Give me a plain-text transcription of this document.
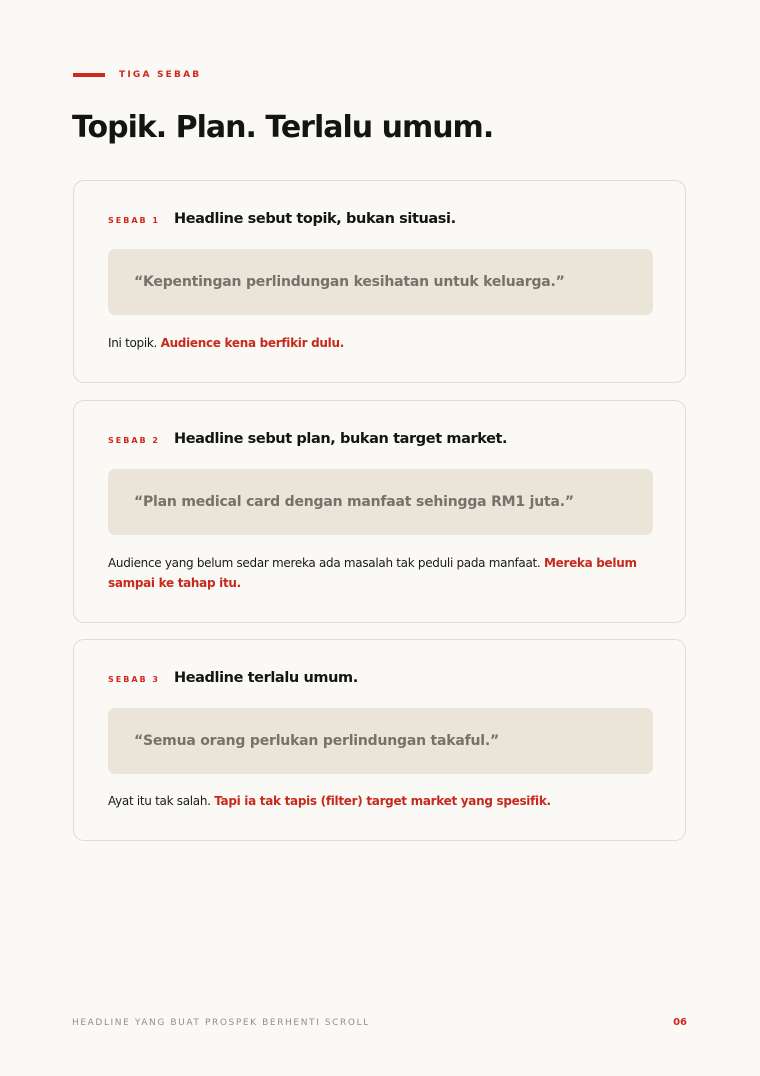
TIGA SEBAB
Topik. Plan. Terlalu umum.
SEBAB 1 Headline sebut topik, bukan situasi.
“Kepentingan perlindungan kesihatan untuk keluarga.”

Ini topik. Audience kena berfikir dulu.

SEBAB 2 Headline sebut plan, bukan target market.
“Plan medical card dengan manfaat sehingga RM1 juta.”

Audience yang belum sedar mereka ada masalah tak peduli pada manfaat. Mereka belum sampai ke tahap itu.

SEBAB 3 Headline terlalu umum.
“Semua orang perlukan perlindungan takaful.”

Ayat itu tak salah. Tapi ia tak tapis (filter) target market yang spesifik.

HEADLINE YANG BUAT PROSPEK BERHENTI SCROLL	06
